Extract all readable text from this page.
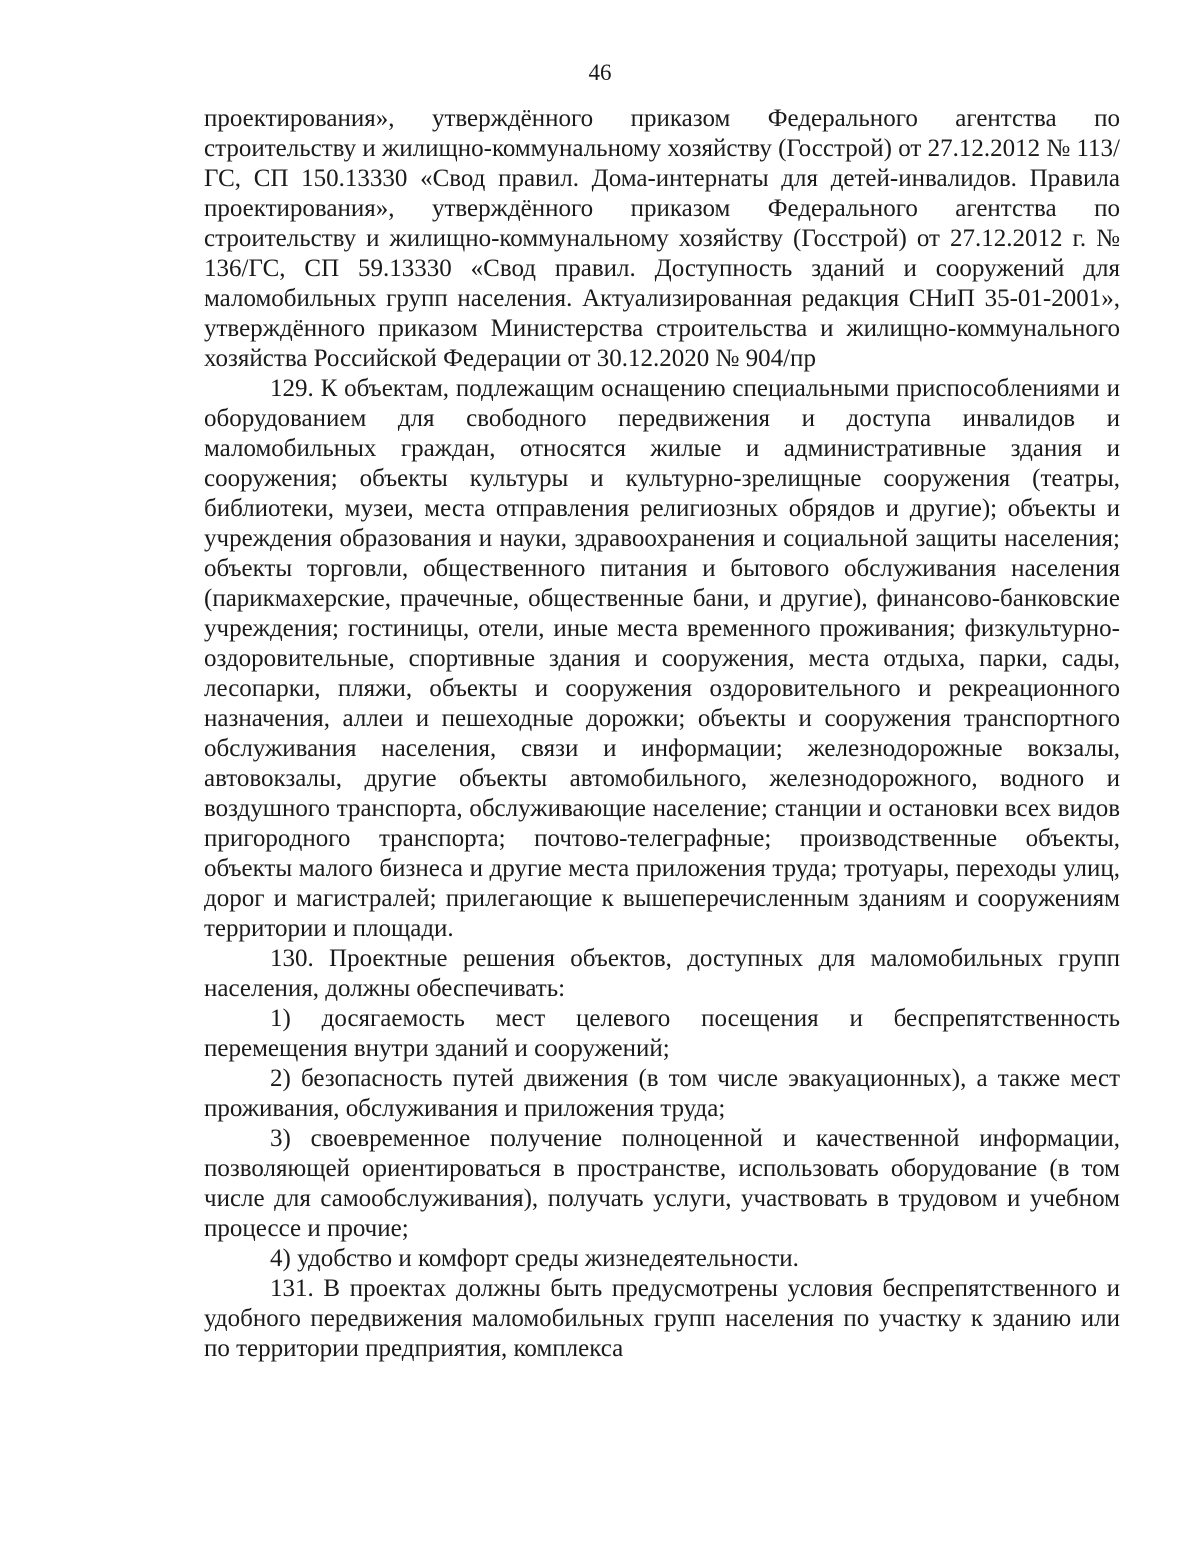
46

проектирования», утверждённого приказом Федерального агентства по строительству и жилищно-коммунальному хозяйству (Госстрой) от 27.12.2012 № 113/ГС, СП 150.13330 «Свод правил. Дома-интернаты для детей-инвалидов. Правила проектирования», утверждённого приказом Федерального агентства по строительству и жилищно-коммунальному хозяйству (Госстрой) от 27.12.2012 г. № 136/ГС, СП 59.13330 «Свод правил. Доступность зданий и сооружений для маломобильных групп населения. Актуализированная редакция СНиП 35-01-2001», утверждённого приказом Министерства строительства и жилищно-коммунального хозяйства Российской Федерации от 30.12.2020 № 904/пр

129. К объектам, подлежащим оснащению специальными приспособлениями и оборудованием для свободного передвижения и доступа инвалидов и маломобильных граждан, относятся жилые и административные здания и сооружения; объекты культуры и культурно-зрелищные сооружения (театры, библиотеки, музеи, места отправления религиозных обрядов и другие); объекты и учреждения образования и науки, здравоохранения и социальной защиты населения; объекты торговли, общественного питания и бытового обслуживания населения (парикмахерские, прачечные, общественные бани, и другие), финансово-банковские учреждения; гостиницы, отели, иные места временного проживания; физкультурно-оздоровительные, спортивные здания и сооружения, места отдыха, парки, сады, лесопарки, пляжи, объекты и сооружения оздоровительного и рекреационного назначения, аллеи и пешеходные дорожки; объекты и сооружения транспортного обслуживания населения, связи и информации; железнодорожные вокзалы, автовокзалы, другие объекты автомобильного, железнодорожного, водного и воздушного транспорта, обслуживающие население; станции и остановки всех видов пригородного транспорта; почтово-телеграфные; производственные объекты, объекты малого бизнеса и другие места приложения труда; тротуары, переходы улиц, дорог и магистралей; прилегающие к вышеперечисленным зданиям и сооружениям территории и площади.

130. Проектные решения объектов, доступных для маломобильных групп населения, должны обеспечивать:

1) досягаемость мест целевого посещения и беспрепятственность перемещения внутри зданий и сооружений;

2) безопасность путей движения (в том числе эвакуационных), а также мест проживания, обслуживания и приложения труда;

3) своевременное получение полноценной и качественной информации, позволяющей ориентироваться в пространстве, использовать оборудование (в том числе для самообслуживания), получать услуги, участвовать в трудовом и учебном процессе и прочие;

4) удобство и комфорт среды жизнедеятельности.

131. В проектах должны быть предусмотрены условия беспрепятственного и удобного передвижения маломобильных групп населения по участку к зданию или по территории предприятия, комплекса
